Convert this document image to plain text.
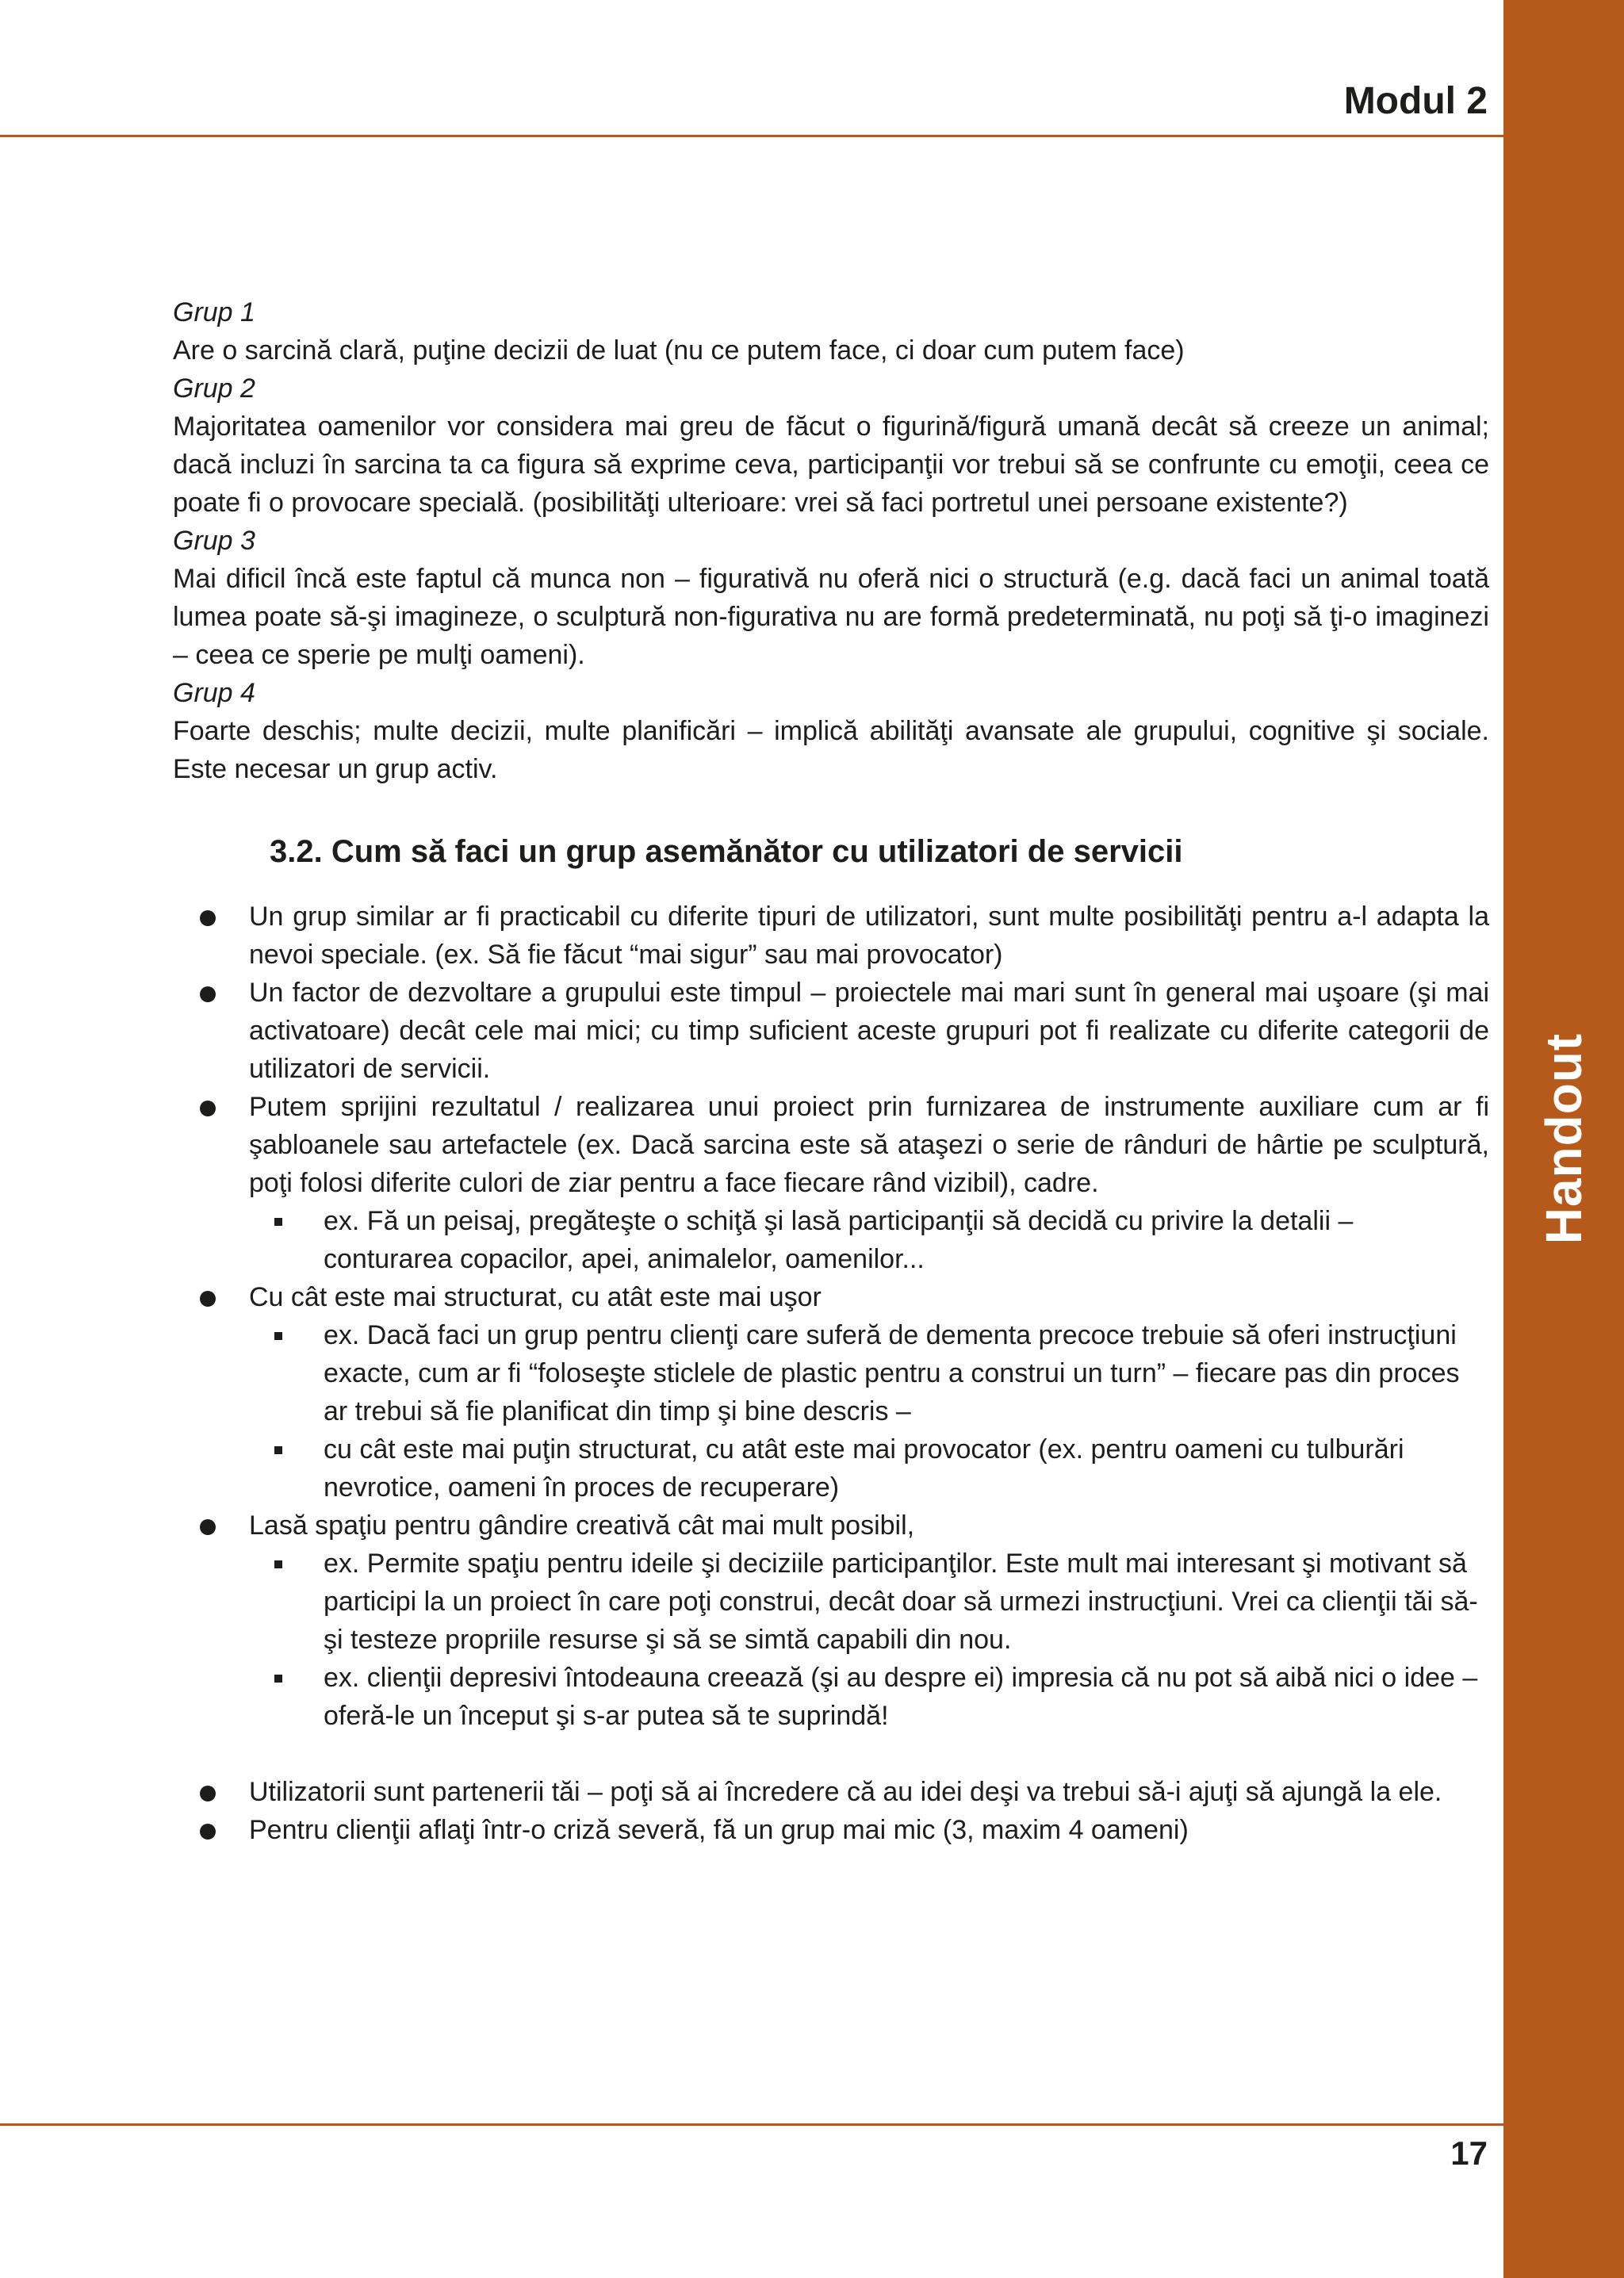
Handout
Modul 2
Grup 1
Are o sarcină clară, puţine decizii de luat (nu ce putem face, ci doar cum putem face)
Grup 2
Majoritatea oamenilor vor considera mai greu de făcut o figurină/figură umană decât să creeze un animal; dacă incluzi în sarcina ta ca figura să exprime ceva, participanţii vor trebui să se confrunte cu emoţii, ceea ce poate fi o provocare specială. (posibilităţi ulterioare: vrei să faci portretul unei persoane existente?)
Grup 3
Mai dificil încă este faptul că munca non – figurativă nu oferă nici o structură (e.g. dacă faci un animal toată lumea poate să-şi imagineze, o sculptură non-figurativa nu are formă predeterminată, nu poţi să ţi-o imaginezi – ceea ce sperie pe mulţi oameni).
Grup 4
Foarte deschis; multe decizii, multe planificări – implică abilităţi avansate ale grupului, cognitive şi sociale. Este necesar un grup activ.
3.2. Cum să faci un grup asemănător cu utilizatori de servicii
Un grup similar ar fi practicabil cu diferite tipuri de utilizatori, sunt multe posibilităţi pentru a-l adapta la nevoi speciale. (ex. Să fie făcut “mai sigur” sau mai provocator)
Un factor de dezvoltare a grupului este timpul – proiectele mai mari sunt în general mai uşoare (şi mai activatoare) decât cele mai mici; cu timp suficient aceste grupuri pot fi realizate cu diferite categorii de utilizatori de servicii.
Putem sprijini rezultatul / realizarea unui proiect prin furnizarea de instrumente auxiliare cum ar fi şabloanele sau artefactele (ex. Dacă sarcina este să ataşezi o serie de rânduri de hârtie pe sculptură, poţi folosi diferite culori de ziar pentru a face fiecare rând vizibil), cadre.
ex. Fă un peisaj, pregăteşte o schiţă şi lasă participanţii să decidă cu privire la detalii – conturarea copacilor, apei, animalelor, oamenilor...
Cu cât este mai structurat, cu atât este mai uşor
ex. Dacă faci un grup pentru clienţi care suferă de dementa precoce trebuie să oferi instrucţiuni exacte, cum ar fi “foloseşte sticlele de plastic pentru a construi un turn” – fiecare pas din proces ar trebui să fie planificat din timp şi bine descris –
cu cât este mai puţin structurat, cu atât este mai provocator (ex. pentru oameni cu tulburări nevrotice, oameni în proces de recuperare)
Lasă spaţiu pentru gândire creativă cât mai mult posibil,
ex. Permite spaţiu pentru ideile şi deciziile participanţilor. Este mult mai interesant şi motivant să participi la un proiect în care poţi construi, decât doar să urmezi instrucţiuni. Vrei ca clienţii tăi să-şi testeze propriile resurse şi să se simtă capabili din nou.
ex. clienţii depresivi întodeauna creează (şi au despre ei) impresia că nu pot să aibă nici o idee – oferă-le un început şi s-ar putea să te suprindă!
Utilizatorii sunt partenerii tăi – poţi să ai încredere că au idei deşi va trebui să-i ajuţi să ajungă la ele.
Pentru clienţii aflaţi într-o criză severă, fă un grup mai mic (3, maxim 4 oameni)
17
